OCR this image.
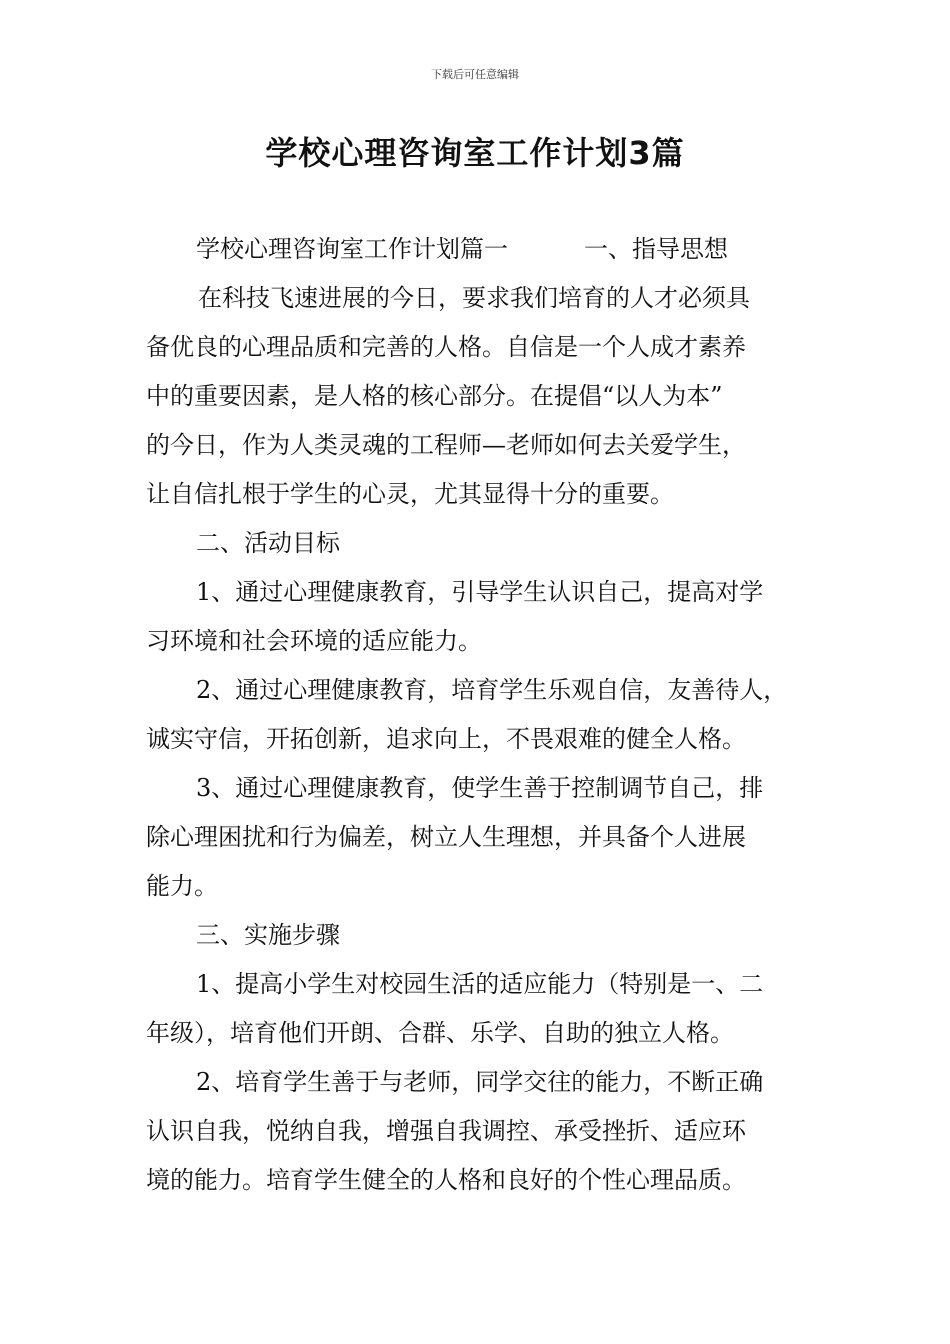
下载后可任意编辑
学校心理咨询室工作计划3篇
学校心理咨询室工作计划篇一	一、指导思想
在科技飞速进展的今日，要求我们培育的人才必须具
备优良的心理品质和完善的人格。自信是一个人成才素养
中的重要因素，是人格的核心部分。在提倡“以人为本”
的今日，作为人类灵魂的工程师—老师如何去关爱学生，
让自信扎根于学生的心灵，尤其显得十分的重要。
二、活动目标
1、通过心理健康教育，引导学生认识自己，提高对学
习环境和社会环境的适应能力。
2、通过心理健康教育，培育学生乐观自信，友善待人，
诚实守信，开拓创新，追求向上，不畏艰难的健全人格。
3、通过心理健康教育，使学生善于控制调节自己，排
除心理困扰和行为偏差，树立人生理想，并具备个人进展
能力。
三、实施步骤
1、提高小学生对校园生活的适应能力（特别是一、二
年级），培育他们开朗、合群、乐学、自助的独立人格。
2、培育学生善于与老师，同学交往的能力，不断正确
认识自我，悦纳自我，增强自我调控、承受挫折、适应环
境的能力。培育学生健全的人格和良好的个性心理品质。
